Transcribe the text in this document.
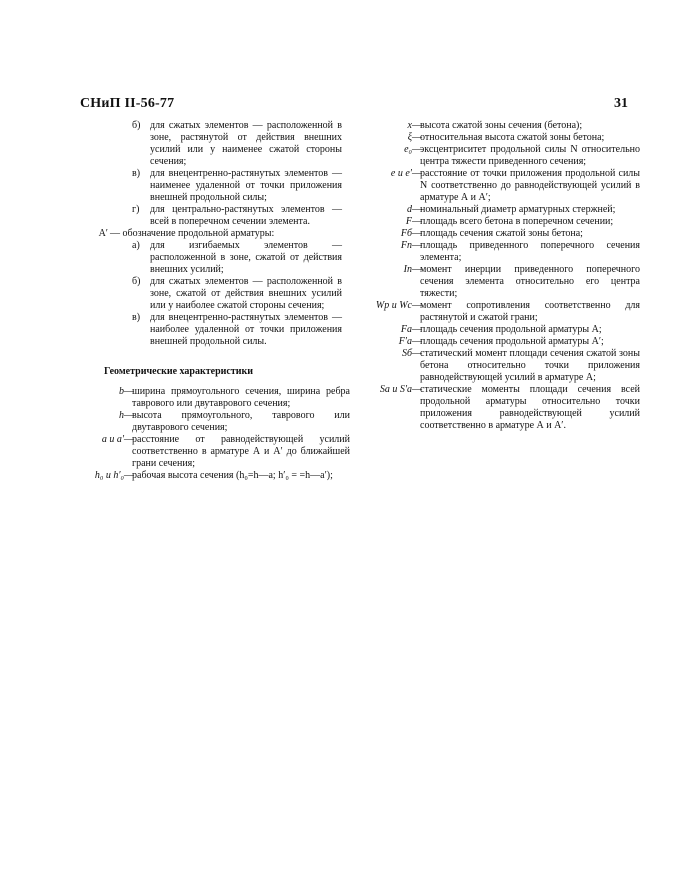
СНиП II-56-77	31
б) для сжатых элементов — расположенной в зоне, растянутой от действия внешних усилий или у наименее сжатой стороны сечения;
в) для внецентренно-растянутых элементов — наименее удаленной от точки приложения внешней продольной силы;
г)	для центрально-растянутых элементов — всей в поперечном сечении элемента.
A′ — обозначение продольной арматуры:
а)	для изгибаемых элементов — расположенной в зоне, сжатой от действия внешних усилий;
б) для сжатых элементов — расположенной в зоне, сжатой от действия внешних усилий или у наиболее сжатой стороны сечения;
в) для внецентренно-растянутых элементов — наиболее удаленной от точки приложения внешней продольной силы.
Геометрические характеристики
b —
ширина прямоугольного сечения, ширина ребра таврового или двутаврового сечения;
h —
высота прямоугольного, таврового или двутаврового сечения;
a и a′ —
расстояние от равнодействующей усилий соответственно в арматуре А и А′ до ближайшей грани сечения;
h₀ и h′₀ —
рабочая высота сечения (h₀=h—a; h′₀ = =h—a′);
x —
высота сжатой зоны сечения (бетона);
ξ —
относительная высота сжатой зоны бетона;
e₀ —
эксцентриситет продольной силы N относительно центра тяжести приведенного сечения;
e и e′ —
расстояние от точки приложения продольной силы N соответственно до равнодействующей усилий в арматуре А и А′;
d —
номинальный диаметр арматурных стержней;
F —
площадь всего бетона в поперечном сечении;
Fб —
площадь сечения сжатой зоны бетона;
Fп —
площадь приведенного поперечного сечения элемента;
Iп —
момент инерции приведенного поперечного сечения элемента относительно его центра тяжести;
Wр и Wс —
момент сопротивления соответственно для растянутой и сжатой грани;
Fа —
площадь сечения продольной арматуры А;
F′а —
площадь сечения продольной арматуры А′;
Sб —
статический момент площади сечения сжатой зоны бетона относительно точки приложения равнодействующей усилий в арматуре А;
Sа и S′а —
статические моменты площади сечения всей продольной арматуры относительно точки приложения равнодействующей усилий соответственно в арматуре А и А′.
